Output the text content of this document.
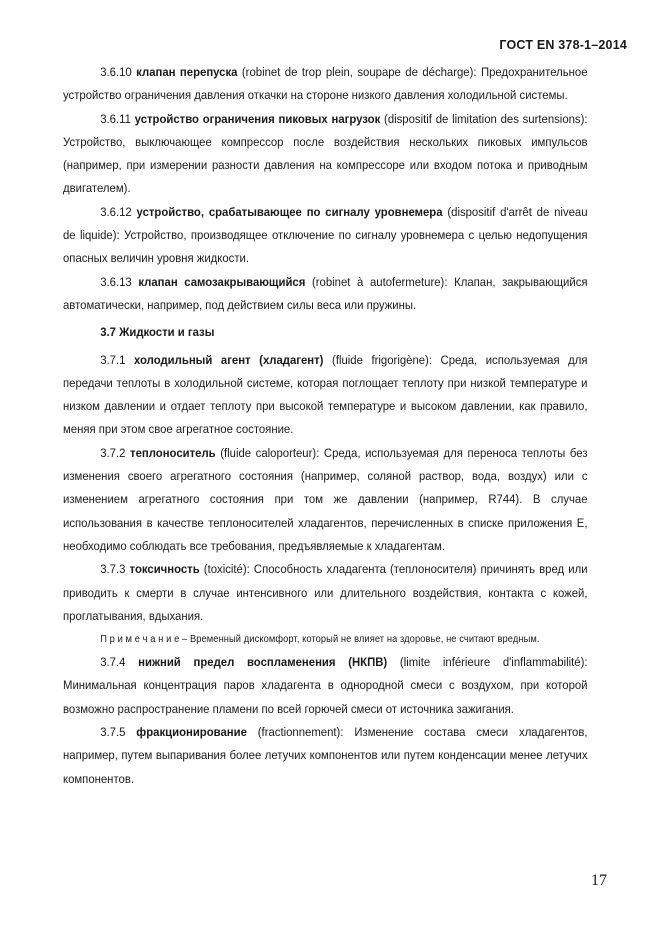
ГОСТ EN 378-1–2014

3.6.10 клапан перепуска (robinet de trop plein, soupape de décharge): Предохранительное устройство ограничения давления откачки на стороне низкого давления холодильной системы.

3.6.11 устройство ограничения пиковых нагрузок (dispositif de limitation des surtensions): Устройство, выключающее компрессор после воздействия нескольких пиковых импульсов (например, при измерении разности давления на компрессоре или входом потока и приводным двигателем).

3.6.12 устройство, срабатывающее по сигналу уровнемера (dispositif d'arrêt de niveau de liquide): Устройство, производящее отключение по сигналу уровнемера с целью недопущения опасных величин уровня жидкости.

3.6.13 клапан самозакрывающийся (robinet à autofermeture): Клапан, закрывающийся автоматически, например, под действием силы веса или пружины.

3.7 Жидкости и газы

3.7.1 холодильный агент (хладагент) (fluide frigorigène): Среда, используемая для передачи теплоты в холодильной системе, которая поглощает теплоту при низкой температуре и низком давлении и отдает теплоту при высокой температуре и высоком давлении, как правило, меняя при этом свое агрегатное состояние.

3.7.2 теплоноситель (fluide caloporteur): Среда, используемая для переноса теплоты без изменения своего агрегатного состояния (например, соляной раствор, вода, воздух) или с изменением агрегатного состояния при том же давлении (например, R744). В случае использования в качестве теплоносителей хладагентов, перечисленных в списке приложения Е, необходимо соблюдать все требования, предъявляемые к хладагентам.

3.7.3 токсичность (toxicité): Способность хладагента (теплоносителя) причинять вред или приводить к смерти в случае интенсивного или длительного воздействия, контакта с кожей, проглатывания, вдыхания.

П р и м е ч а н и е – Временный дискомфорт, который не влияет на здоровье, не считают вредным.

3.7.4 нижний предел воспламенения (НКПВ) (limite inférieure d'inflammabilité): Минимальная концентрация паров хладагента в однородной смеси с воздухом, при которой возможно распространение пламени по всей горючей смеси от источника зажигания.

3.7.5 фракционирование (fractionnement): Изменение состава смеси хладагентов, например, путем выпаривания более летучих компонентов или путем конденсации менее летучих компонентов.

17
